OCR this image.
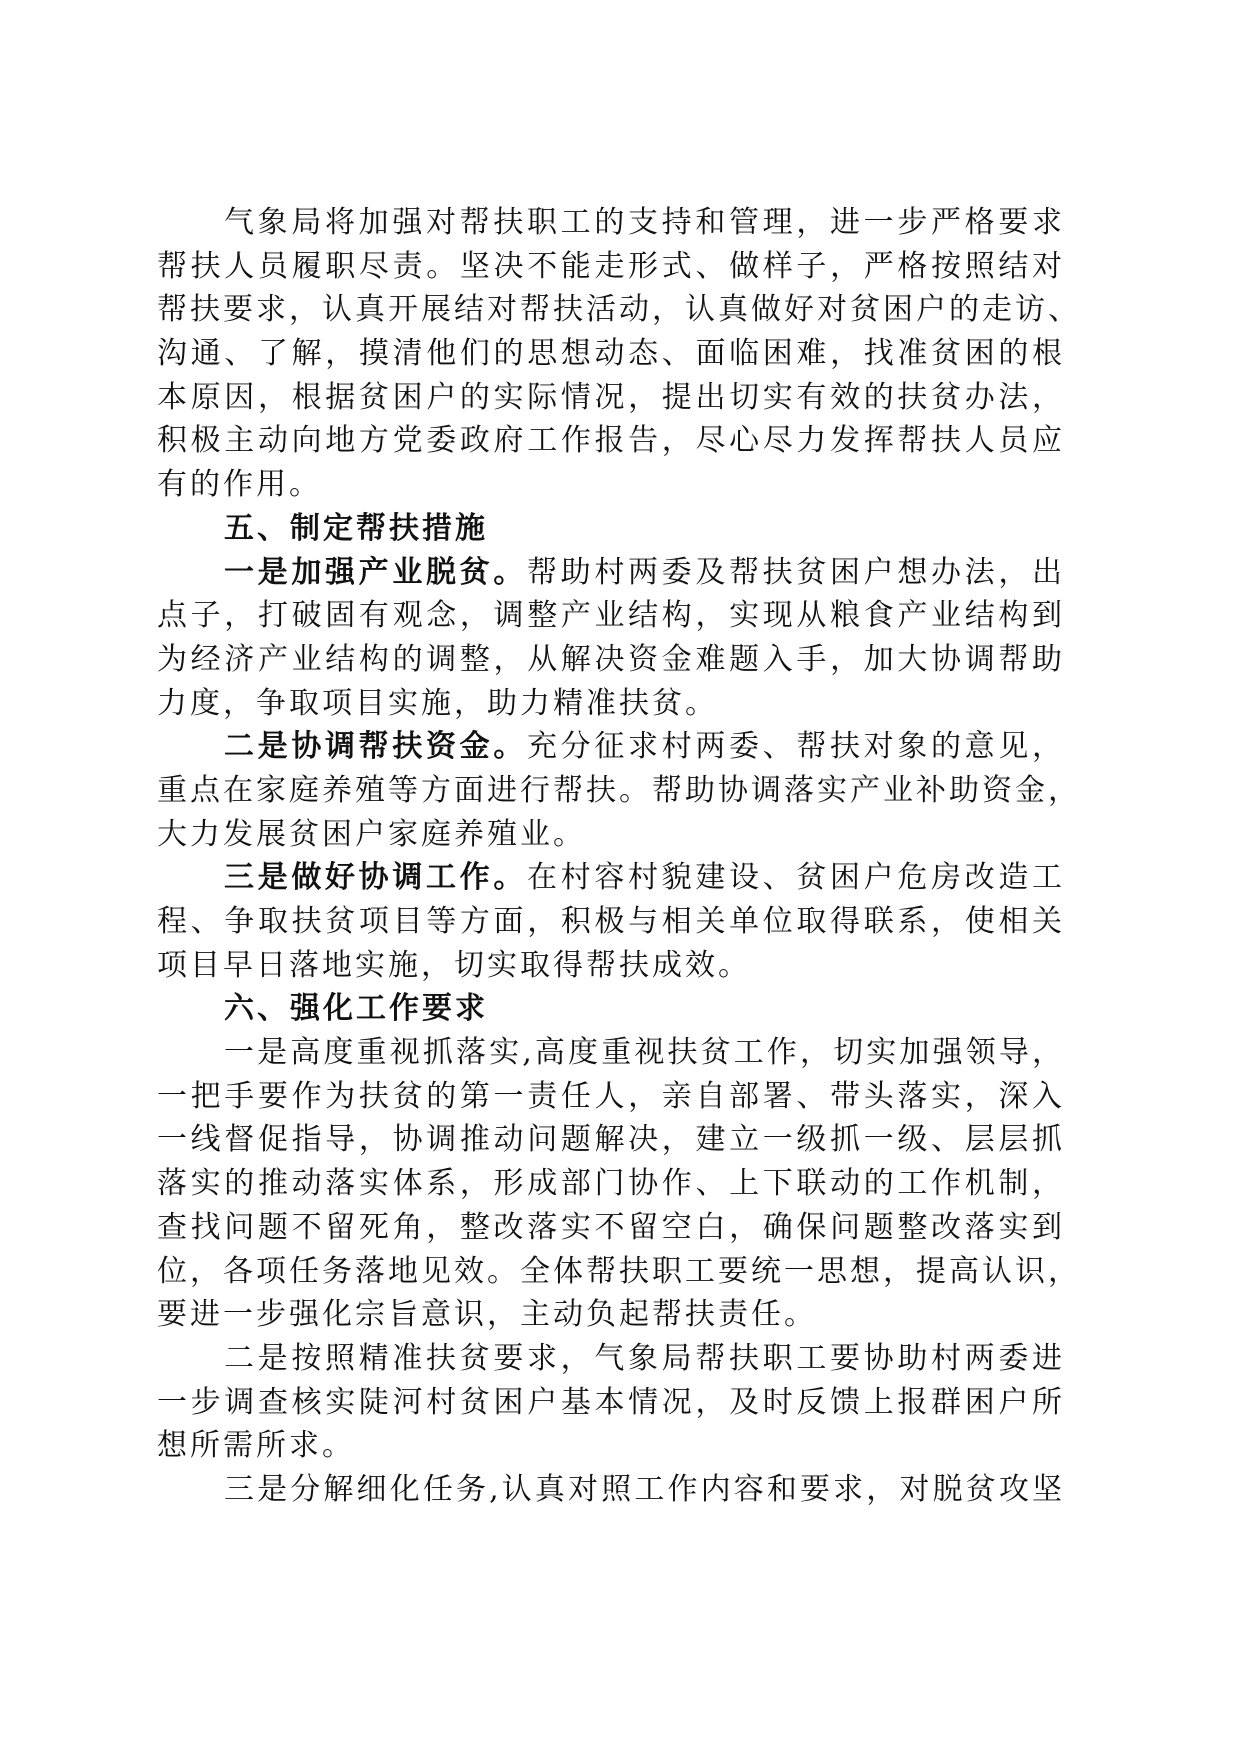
气象局将加强对帮扶职工的支持和管理，进一步严格要求
帮扶人员履职尽责。坚决不能走形式、做样子，严格按照结对
帮扶要求，认真开展结对帮扶活动，认真做好对贫困户的走访、
沟通、了解，摸清他们的思想动态、面临困难，找准贫困的根
本原因，根据贫困户的实际情况，提出切实有效的扶贫办法，
积极主动向地方党委政府工作报告，尽心尽力发挥帮扶人员应
有的作用。
五、制定帮扶措施
一是加强产业脱贫。帮助村两委及帮扶贫困户想办法，出
点子，打破固有观念，调整产业结构，实现从粮食产业结构到
为经济产业结构的调整，从解决资金难题入手，加大协调帮助
力度，争取项目实施，助力精准扶贫。
二是协调帮扶资金。充分征求村两委、帮扶对象的意见，
重点在家庭养殖等方面进行帮扶。帮助协调落实产业补助资金，
大力发展贫困户家庭养殖业。
三是做好协调工作。在村容村貌建设、贫困户危房改造工
程、争取扶贫项目等方面，积极与相关单位取得联系，使相关
项目早日落地实施，切实取得帮扶成效。
六、强化工作要求
一是高度重视抓落实,高度重视扶贫工作，切实加强领导，
一把手要作为扶贫的第一责任人，亲自部署、带头落实，深入
一线督促指导，协调推动问题解决，建立一级抓一级、层层抓
落实的推动落实体系，形成部门协作、上下联动的工作机制，
查找问题不留死角，整改落实不留空白，确保问题整改落实到
位，各项任务落地见效。全体帮扶职工要统一思想，提高认识，
要进一步强化宗旨意识，主动负起帮扶责任。
二是按照精准扶贫要求，气象局帮扶职工要协助村两委进
一步调查核实陡河村贫困户基本情况，及时反馈上报群困户所
想所需所求。
三是分解细化任务,认真对照工作内容和要求，对脱贫攻坚
